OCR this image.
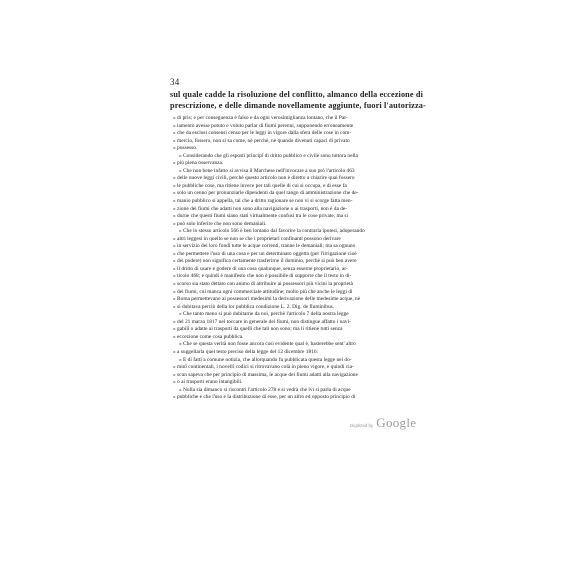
34
sul quale cadde la risoluzione del conflitto, almanco della eccezione di
prescrizione, e delle dimande novellamente aggiunte, fuori l'autorizza-
» di pris; e per conseguenza è falso e da ogni verosimiglianza lontano, che il Par-
» lamento avesse potuto e voluto parlar di fiumi perenni, supponendo erroneamente
» che da esclusi consensi censo per le leggi in vigore dalla sfera delle cose in com-
» mercio, fossero, non si sa come, nè perchè, nè quando divenuti capaci di privato
» possesso.
» Considerando che gli esposti principî di dritto pubblico e civile sono tuttora nella
» più piena osservanza.
» Che non bene infatto si avvisa il Marchese nell'invocare a suo prò l'articolo 463
» delle nuove leggi civili, perchè questo articolo non è diretto a chiarire quai fossero
» le pubbliche cose, ma ritiene invece per tali quelle di cui si occupa, e di esse fa
» solo un cenno per pronunziarle dipendenti da quel rango di amministrazione che de-
» manio pubblico si appella, tal che a dritto ragionare se non vi si scorge fatta men-
» zione dei fiumi che adatti non sono alla navigazione o ai trasporti, non è da de-
» durne che questi fiumi siano stati virtualmente confusi tra le cose private, ma si
» può solo inferire che non sono demaniali.
» Che lo stesso articolo 566 è ben lontano dal favorire la contraria ipotesi, adoperando
» altri leggesi in quello se non se che i proprietarî confinanti possono derivare
» in servizio dei loro fondi tutte le acque correnti, tranne le demaniali; ma sa ognuno
» che permettere l'uso di una cosa e per un determinato oggetto (per l'irrigazione cioè
» dei podere) non significa certamente trasferirne il dominio, perchè si può ben avere
» il dritto di usare e godere di una cosa qualunque, senza esserne proprietario, ar-
» ticolo 468; e quindi è manifesto che non è possibile di supporre che il testo in di-
» scorso sia stato dettato con animo di attribuire ai possessori più vicini la proprietà
» dei fiumi, cui manca ogni commerciale attitudine; molto più che anche le leggi di
» Roma permettevano ai possessori medesimi la derivazione delle medesime acque, nè
» si dubitava perciò della lor pubblica condizione L. 2. Dig. de fluminibus.
» Che tanto meno si può dubitarne da noi, perchè l'articolo 7 della nostra legge
» del 21 marzo 1817 nel toccare in generale dei fiumi, non distingue affatto i navi-
» gabili o adatte ai trasporti da quelli che tali non sono; ma li ritiene tutti senza
» eccezione come cosa pubblica.
» Che se questa verità non fosse ancora così evidente qual è, basterebbe sent' altro
» a suggellarla quel testo preciso della legge del 12 dicembre 1816:
» È di fatti a comune notizia, che allorquando fu pubblicata questa legge nei do-
» minî continentali, i novelli codici si ritrovavano colà in pieno vigore, e quindi cia-
» scun sapeva che per principio di massima, le acque dei fiumi adatti alla navigazione
» o ai trasporti erano intangibili.
» Nulla sia dimanco si riscontri l'articolo 278 e si vedrà che ivi si parla di acque
» pubbliche e che l'uso e la distribuzione di esse, per un altro ed opposto principio di
Digitized by Google
